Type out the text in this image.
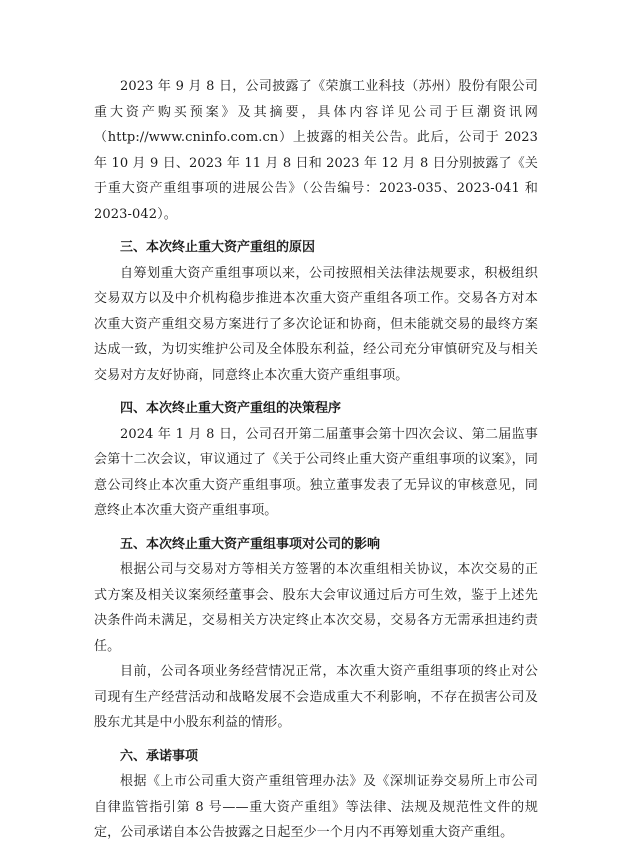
2023 年 9 月 8 日，公司披露了《荣旗工业科技（苏州）股份有限公司重大资产购买预案》及其摘要，具体内容详见公司于巨潮资讯网（http://www.cninfo.com.cn）上披露的相关公告。此后，公司于 2023 年 10 月 9 日、2023 年 11 月 8 日和 2023 年 12 月 8 日分别披露了《关于重大资产重组事项的进展公告》（公告编号：2023-035、2023-041 和 2023-042）。

三、本次终止重大资产重组的原因

自筹划重大资产重组事项以来，公司按照相关法律法规要求，积极组织交易双方以及中介机构稳步推进本次重大资产重组各项工作。交易各方对本次重大资产重组交易方案进行了多次论证和协商，但未能就交易的最终方案达成一致，为切实维护公司及全体股东利益，经公司充分审慎研究及与相关交易对方友好协商，同意终止本次重大资产重组事项。

四、本次终止重大资产重组的决策程序

2024 年 1 月 8 日，公司召开第二届董事会第十四次会议、第二届监事会第十二次会议，审议通过了《关于公司终止重大资产重组事项的议案》，同意公司终止本次重大资产重组事项。独立董事发表了无异议的审核意见，同意终止本次重大资产重组事项。

五、本次终止重大资产重组事项对公司的影响

根据公司与交易对方等相关方签署的本次重组相关协议，本次交易的正式方案及相关议案须经董事会、股东大会审议通过后方可生效，鉴于上述先决条件尚未满足，交易相关方决定终止本次交易，交易各方无需承担违约责任。

目前，公司各项业务经营情况正常，本次重大资产重组事项的终止对公司现有生产经营活动和战略发展不会造成重大不利影响，不存在损害公司及股东尤其是中小股东利益的情形。

六、承诺事项

根据《上市公司重大资产重组管理办法》及《深圳证券交易所上市公司自律监管指引第 8 号——重大资产重组》等法律、法规及规范性文件的规定，公司承诺自本公告披露之日起至少一个月内不再筹划重大资产重组。
